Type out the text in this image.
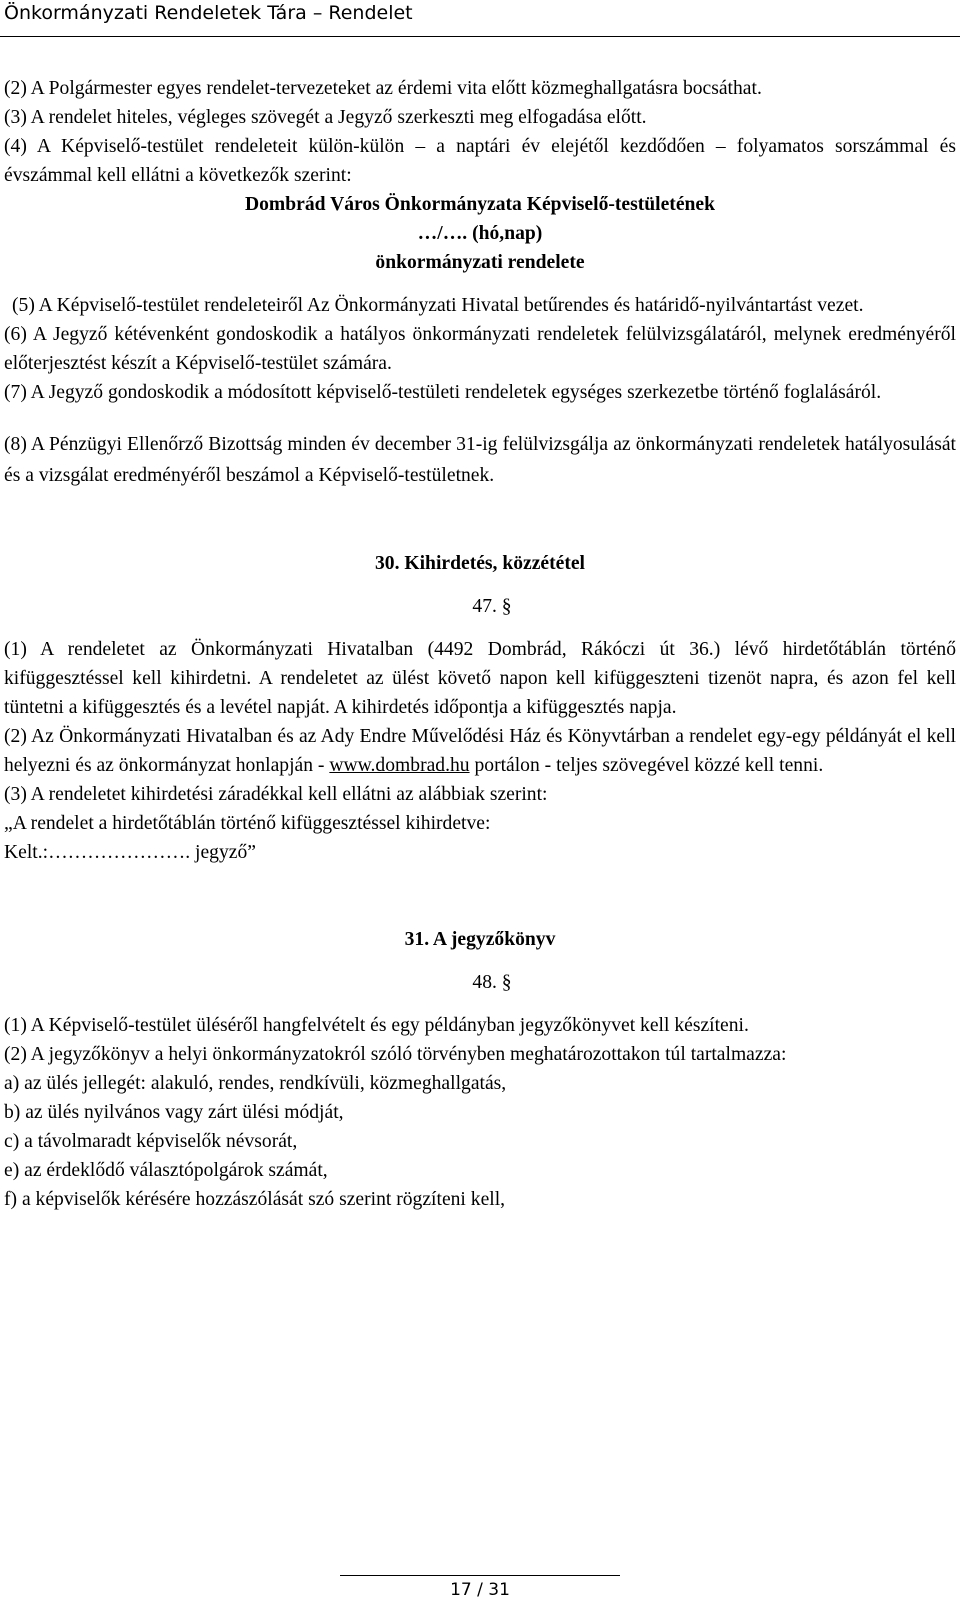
Önkormányzati Rendeletek Tára – Rendelet

(2) A Polgármester egyes rendelet-tervezeteket az érdemi vita előtt közmeghallgatásra bocsáthat.

(3) A rendelet hiteles, végleges szövegét a Jegyző szerkeszti meg elfogadása előtt.

(4) A Képviselő-testület rendeleteit külön-külön – a naptári év elejétől kezdődően – folyamatos sorszámmal és évszámmal kell ellátni a következők szerint:

Dombrád Város Önkormányzata Képviselő-testületének

…/…. (hó,nap)

önkormányzati rendelete

(5) A Képviselő-testület rendeleteiről Az Önkormányzati Hivatal betűrendes és határidő-nyilvántartást vezet.

(6) A Jegyző kétévenként gondoskodik a hatályos önkormányzati rendeletek felülvizsgálatáról, melynek eredményéről előterjesztést készít a Képviselő-testület számára.

(7) A Jegyző gondoskodik a módosított képviselő-testületi rendeletek egységes szerkezetbe történő foglalásáról.

(8) A Pénzügyi Ellenőrző Bizottság minden év december 31-ig felülvizsgálja az önkormányzati rendeletek hatályosulását és a vizsgálat eredményéről beszámol a Képviselő-testületnek.

30. Kihirdetés, közzététel

47. §

(1) A rendeletet az Önkormányzati Hivatalban (4492 Dombrád, Rákóczi út 36.) lévő hirdetőtáblán történő kifüggesztéssel kell kihirdetni. A rendeletet az ülést követő napon kell kifüggeszteni tizenöt napra, és azon fel kell tüntetni a kifüggesztés és a levétel napját. A kihirdetés időpontja a kifüggesztés napja.

(2) Az Önkormányzati Hivatalban és az Ady Endre Művelődési Ház és Könyvtárban a rendelet egy-egy példányát el kell helyezni és az önkormányzat honlapján - www.dombrad.hu portálon - teljes szövegével közzé kell tenni.

(3) A rendeletet kihirdetési záradékkal kell ellátni az alábbiak szerint:

„A rendelet a hirdetőtáblán történő kifüggesztéssel kihirdetve:

Kelt.:…………………. jegyző”

31. A jegyzőkönyv

48. §

(1) A Képviselő-testület üléséről hangfelvételt és egy példányban jegyzőkönyvet kell készíteni.

(2) A jegyzőkönyv a helyi önkormányzatokról szóló törvényben meghatározottakon túl tartalmazza:

a) az ülés jellegét: alakuló, rendes, rendkívüli, közmeghallgatás,

b) az ülés nyilvános vagy zárt ülési módját,

c) a távolmaradt képviselők névsorát,

e) az érdeklődő választópolgárok számát,

f) a képviselők kérésére hozzászólását szó szerint rögzíteni kell,

17 / 31
